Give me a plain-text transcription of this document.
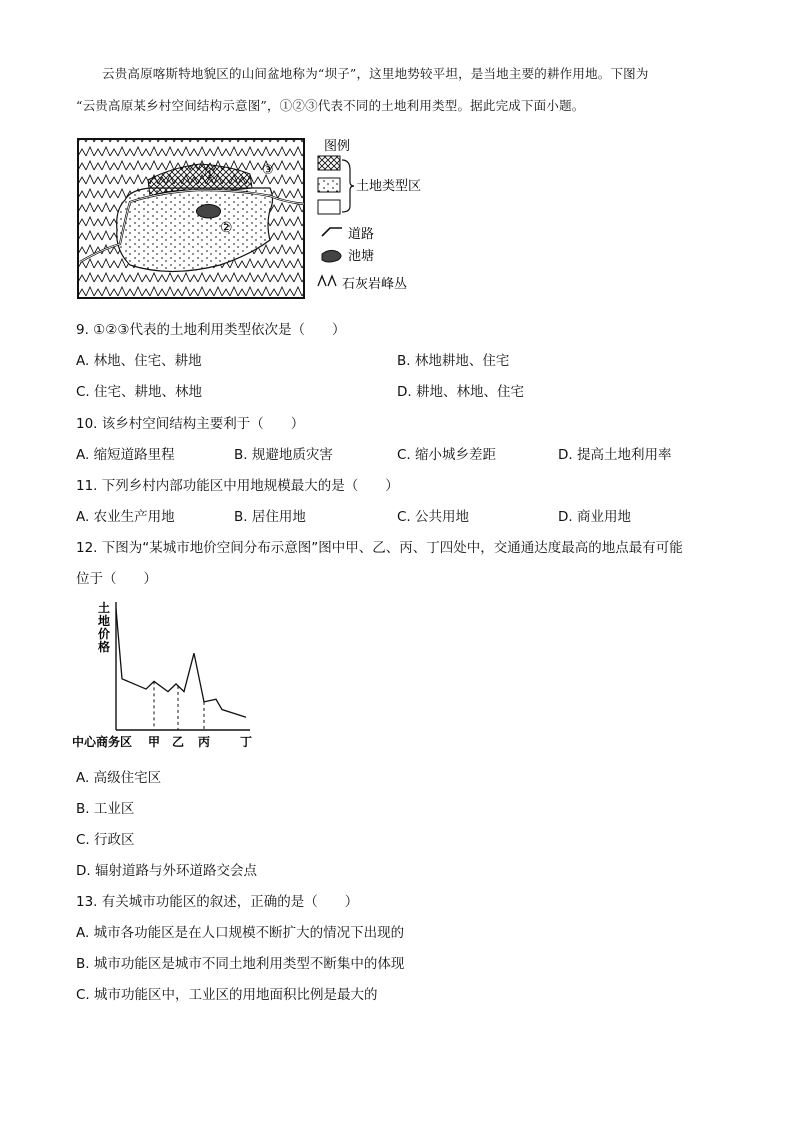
云贵高原喀斯特地貌区的山间盆地称为“坝子”，这里地势较平坦，是当地主要的耕作用地。下图为
“云贵高原某乡村空间结构示意图”，①②③代表不同的土地利用类型。据此完成下面小题。
①
②
③
图例
土地类型区
道路
池塘
石灰岩峰丛
9. ①②③代表的土地利用类型依次是（　　）
A. 林地、住宅、耕地	B. 林地耕地、住宅
C. 住宅、耕地、林地	D. 耕地、林地、住宅
10. 该乡村空间结构主要利于（　　）
A. 缩短道路里程	B. 规避地质灾害	C. 缩小城乡差距	D. 提高土地利用率
11. 下列乡村内部功能区中用地规模最大的是（　　）
A. 农业生产用地	B. 居住用地	C. 公共用地	D. 商业用地
12. 下图为“某城市地价空间分布示意图”图中甲、乙、丙、丁四处中，交通通达度最高的地点最有可能
位于（　　）
土地价格
中心商务区 甲 乙 丙 丁
A. 高级住宅区
B. 工业区
C. 行政区
D. 辐射道路与外环道路交会点
13. 有关城市功能区的叙述，正确的是（　　）
A. 城市各功能区是在人口规模不断扩大的情况下出现的
B. 城市功能区是城市不同土地利用类型不断集中的体现
C. 城市功能区中，工业区的用地面积比例是最大的
